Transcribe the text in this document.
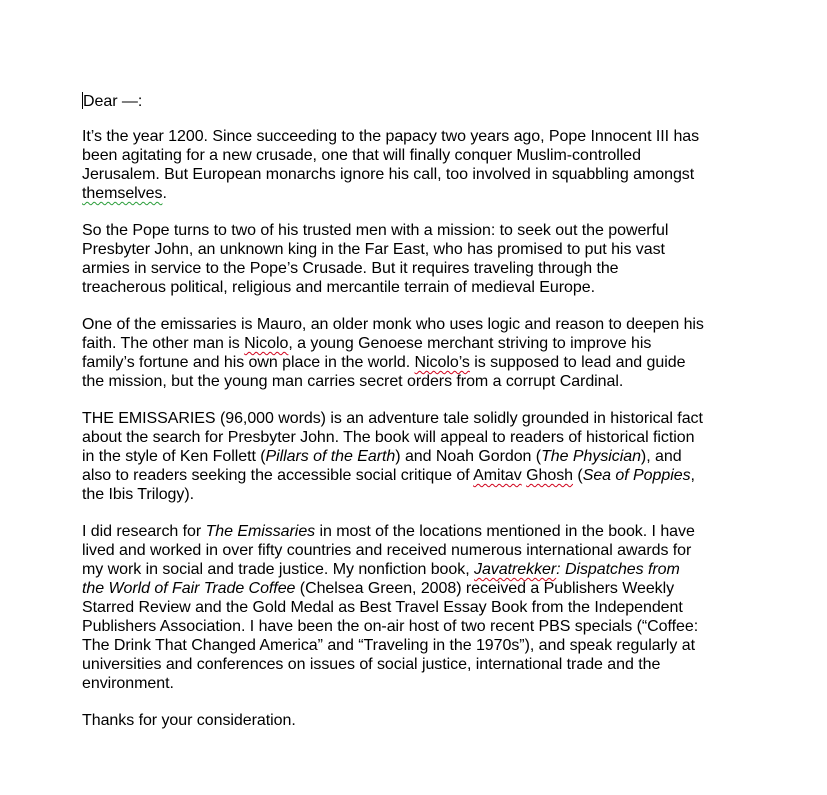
Dear —:

It’s the year 1200. Since succeeding to the papacy two years ago, Pope Innocent III has
been agitating for a new crusade, one that will finally conquer Muslim-controlled
Jerusalem. But European monarchs ignore his call, too involved in squabbling amongst
themselves.

So the Pope turns to two of his trusted men with a mission: to seek out the powerful
Presbyter John, an unknown king in the Far East, who has promised to put his vast
armies in service to the Pope’s Crusade. But it requires traveling through the
treacherous political, religious and mercantile terrain of medieval Europe.

One of the emissaries is Mauro, an older monk who uses logic and reason to deepen his
faith. The other man is Nicolo, a young Genoese merchant striving to improve his
family’s fortune and his own place in the world. Nicolo’s is supposed to lead and guide
the mission, but the young man carries secret orders from a corrupt Cardinal.

THE EMISSARIES (96,000 words) is an adventure tale solidly grounded in historical fact
about the search for Presbyter John. The book will appeal to readers of historical fiction
in the style of Ken Follett (Pillars of the Earth) and Noah Gordon (The Physician), and
also to readers seeking the accessible social critique of Amitav Ghosh (Sea of Poppies,
the Ibis Trilogy).

I did research for The Emissaries in most of the locations mentioned in the book. I have
lived and worked in over fifty countries and received numerous international awards for
my work in social and trade justice. My nonfiction book, Javatrekker: Dispatches from
the World of Fair Trade Coffee (Chelsea Green, 2008) received a Publishers Weekly
Starred Review and the Gold Medal as Best Travel Essay Book from the Independent
Publishers Association. I have been the on-air host of two recent PBS specials (“Coffee:
The Drink That Changed America” and “Traveling in the 1970s”), and speak regularly at
universities and conferences on issues of social justice, international trade and the
environment.

Thanks for your consideration.
